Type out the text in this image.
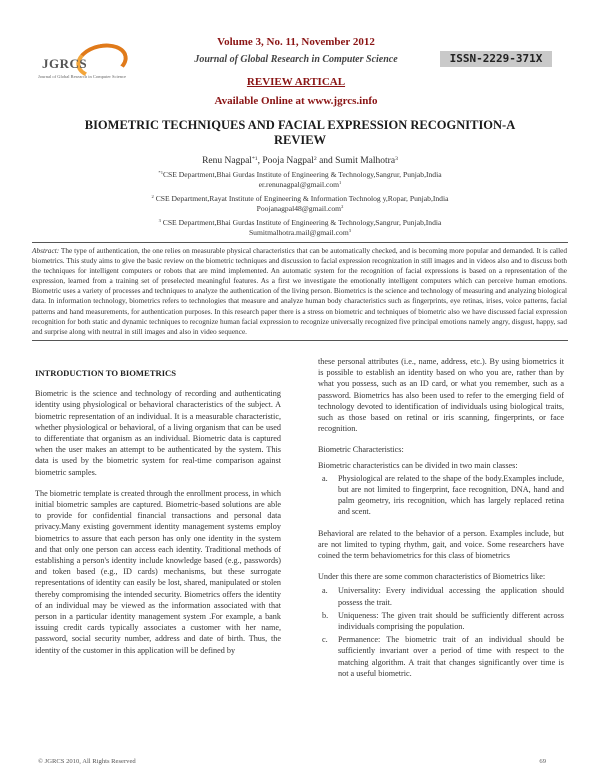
JGRCS
Journal of Global Research in Computer Science
Volume 3, No. 11, November 2012
Journal of Global Research in Computer Science	ISSN-2229-371X
REVIEW ARTICAL
Available Online at www.jgrcs.info
BIOMETRIC TECHNIQUES AND FACIAL EXPRESSION RECOGNITION-A REVIEW
Renu Nagpal$^{*1}$, Pooja Nagpal$^2$ and Sumit Malhotra$^3$
$^{*1}$CSE Department,Bhai Gurdas Institute of Engineering & Technology,Sangrur, Punjab,India
er.renunagpal@gmail.com$^1$
$^2$ CSE Department,Rayat Institute of Engineering & Information Technolog y,Ropar, Punjab,India
Poojanagpal48@gmail.com$^2$
$^3$ CSE Department,Bhai Gurdas Institute of Engineering & Technology,Sangrur, Punjab,India
Sumitmalhotra.mail@gmail.com$^3$
Abstract: The type of authentication, the one relies on measurable physical characteristics that can be automatically checked, and is becoming more popular and demanded. It is called biometrics. This study aims to give the basic review on the biometric techniques and discussion to facial expression recognization in still images and in videos also and to discuss both the techniques for intelligent computers or robots that are mind implemented. An automatic system for the recognition of facial expressions is based on a representation of the expression, learned from a training set of preselected meaningful features. As a first we investigate the emotionally intelligent computers which can perceive human emotions. Biometric uses a variety of processes and techniques to analyze the authentication of the living person. Biometrics is the science and technology of measuring and analyzing biological data. In information technology, biometrics refers to technologies that measure and analyze human body characteristics such as fingerprints, eye retinas, irises, voice patterns, facial patterns and hand measurements, for authentication purposes. In this research paper there is a stress on biometric and techniques of biometric also we have discussed facial expression recognition for both static and dynamic techniques to recognize human facial expression to recognize universally recognized five principal emotions namely angry, disgust, happy, sad and surprise along with neutral in still images and also in video sequence.
INTRODUCTION TO BIOMETRICS

Biometric is the science and technology of recording and authenticating identity using physiological or behavioral characteristics of the subject. A biometric representation of an individual. It is a measurable characteristic, whether physiological or behavioral, of a living organism that can be used to differentiate that organism as an individual. Biometric data is captured when the user makes an attempt to be authenticated by the system. This data is used by the biometric system for real-time comparison against biometric samples.

The biometric template is created through the enrollment process, in which initial biometric samples are captured. Biometric-based solutions are able to provide for confidential financial transactions and personal data privacy.Many existing government identity management systems employ biometrics to assure that each person has only one identity in the system and that only one person can access each identity. Traditional methods of establishing a person's identity include knowledge based (e.g., passwords) and token based (e.g., ID cards) mechanisms, but these surrogate representations of identity can easily be lost, shared, manipulated or stolen thereby compromising the intended security. Biometrics offers the identity of an individual may be viewed as the information associated with that person in a particular identity management system .For example, a bank issuing credit cards typically associates a customer with her name, password, social security number, address and date of birth. Thus, the identity of the customer in this application will be defined by

these personal attributes (i.e., name, address, etc.). By using biometrics it is possible to establish an identity based on who you are, rather than by what you possess, such as an ID card, or what you remember, such as a password. Biometrics has also been used to refer to the emerging field of technology devoted to identification of individuals using biological traits, such as those based on retinal or iris scanning, fingerprints, or face recognition.

Biometric Characteristics:

Biometric characteristics can be divided in two main classes:

a. Physiological are related to the shape of the body.Examples include, but are not limited to fingerprint, face recognition, DNA, hand and palm geometry, iris recognition, which has largely replaced retina and scent.

Behavioral are related to the behavior of a person. Examples include, but are not limited to typing rhythm, gait, and voice. Some researchers have coined the term behaviometrics for this class of biometrics

Under this there are some common characteristics of Biometrics like:

a. Universality: Every individual accessing the application should possess the trait.
b. Uniqueness: The given trait should be sufficiently different across individuals comprising the population.
c. Permanence: The biometric trait of an individual should be sufficiently invariant over a period of time with respect to the matching algorithm. A trait that changes significantly over time is not a useful biometric.
© JGRCS 2010, All Rights Reserved	69
